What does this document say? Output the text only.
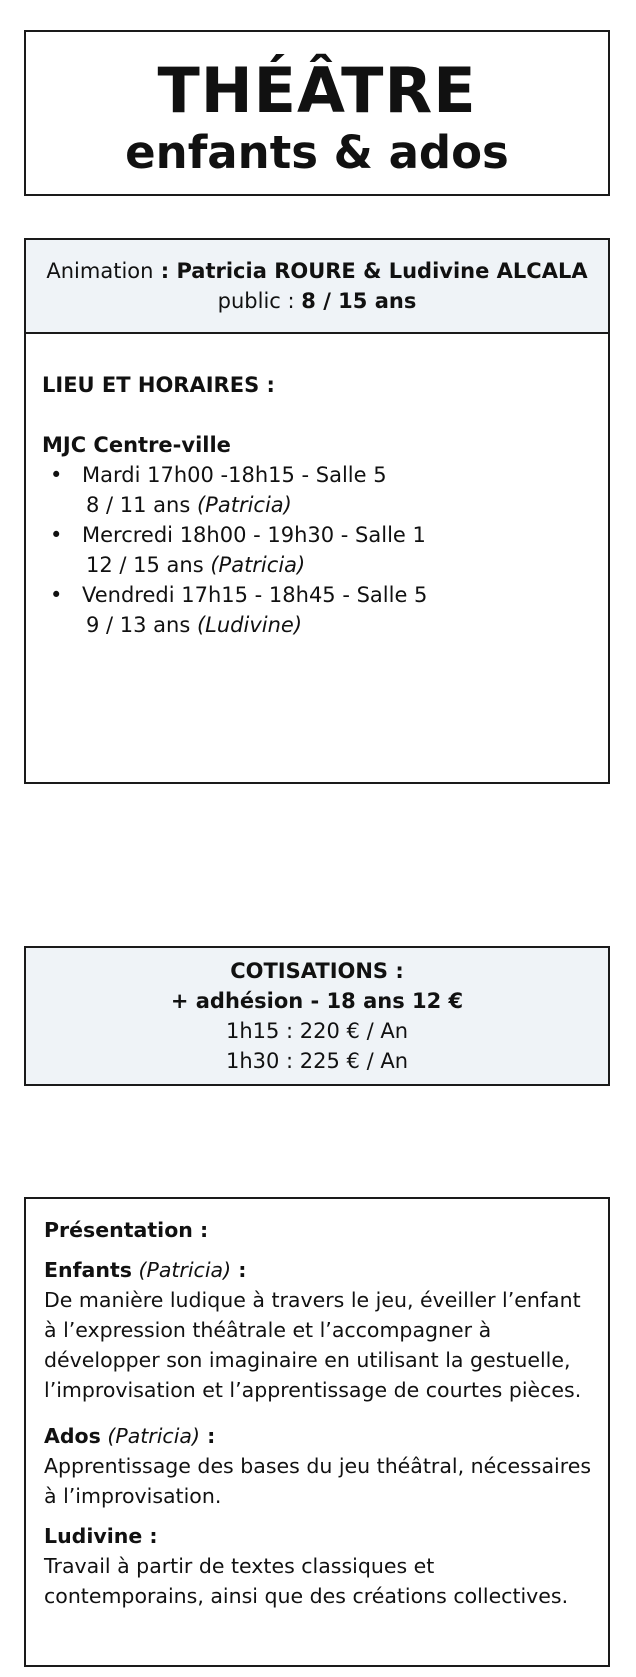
THÉÂTRE
enfants & ados
Animation : Patricia ROURE & Ludivine ALCALA
public : 8 / 15 ans
LIEU ET HORAIRES :
MJC Centre-ville
• Mardi 17h00 -18h15 - Salle 5
8 / 11 ans (Patricia)
• Mercredi 18h00 - 19h30 - Salle 1
12 / 15 ans (Patricia)
• Vendredi 17h15 - 18h45 - Salle 5
9 / 13 ans (Ludivine)
COTISATIONS :
+ adhésion - 18 ans 12 €
1h15 : 220 € / An
1h30 : 225 € / An
Présentation :
Enfants (Patricia) :
De manière ludique à travers le jeu, éveiller l’enfant à l’expression théâtrale et l’accompagner à développer son imaginaire en utilisant la gestuelle, l’improvisation et l’apprentissage de courtes pièces.
Ados (Patricia) :
Apprentissage des bases du jeu théâtral, nécessaires à l’improvisation.
Ludivine :
Travail à partir de textes classiques et contemporains, ainsi que des créations collectives.
